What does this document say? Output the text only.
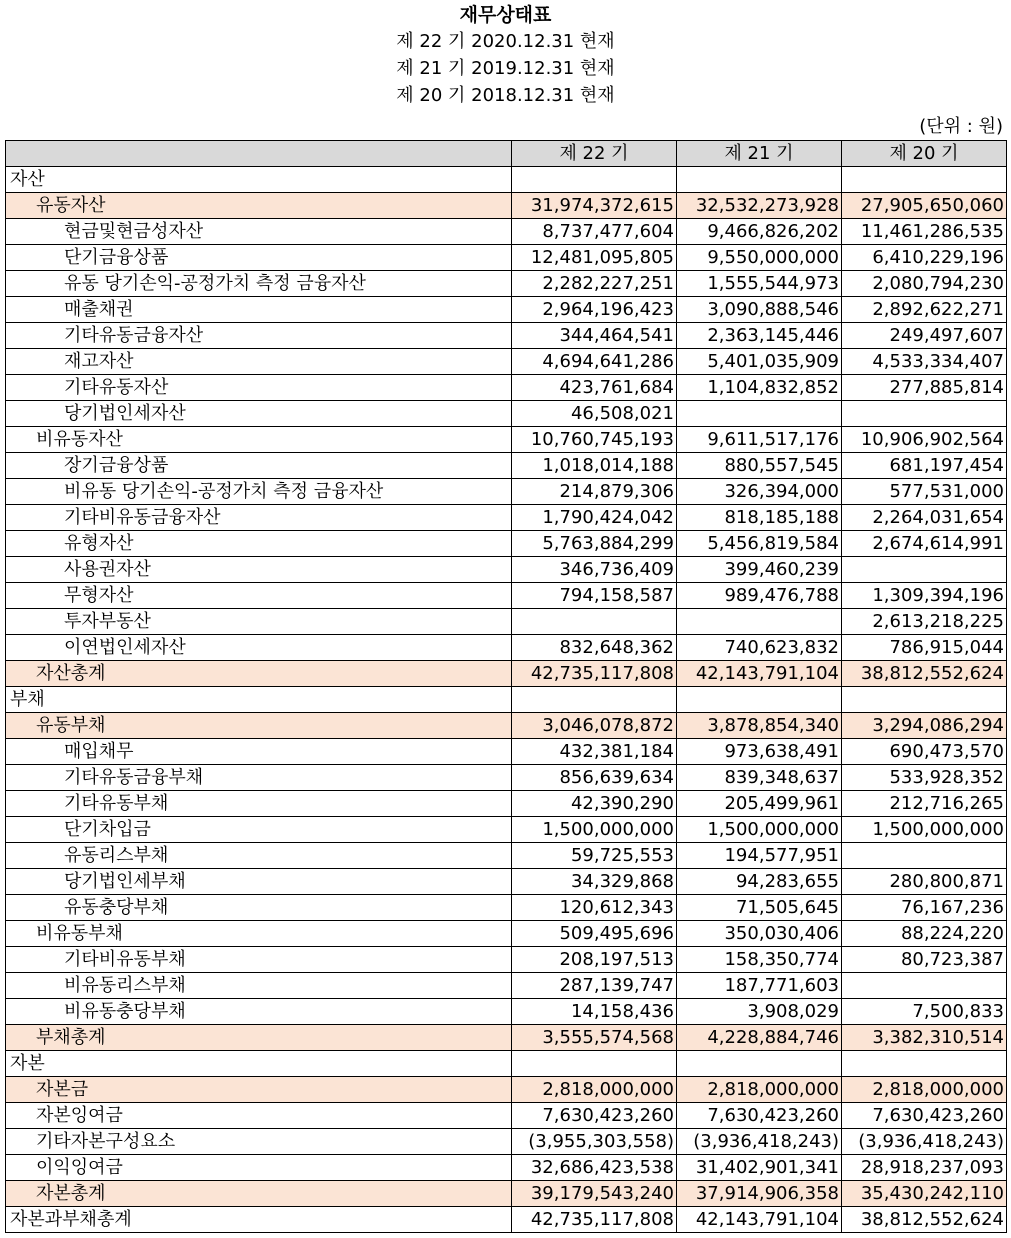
재무상태표
제 22 기 2020.12.31 현재
제 21 기 2019.12.31 현재
제 20 기 2018.12.31 현재
(단위 : 원)
	제 22 기	제 21 기	제 20 기
자산			
유동자산	31,974,372,615	32,532,273,928	27,905,650,060
현금및현금성자산	8,737,477,604	9,466,826,202	11,461,286,535
단기금융상품	12,481,095,805	9,550,000,000	6,410,229,196
유동 당기손익-공정가치 측정 금융자산	2,282,227,251	1,555,544,973	2,080,794,230
매출채권	2,964,196,423	3,090,888,546	2,892,622,271
기타유동금융자산	344,464,541	2,363,145,446	249,497,607
재고자산	4,694,641,286	5,401,035,909	4,533,334,407
기타유동자산	423,761,684	1,104,832,852	277,885,814
당기법인세자산	46,508,021		
비유동자산	10,760,745,193	9,611,517,176	10,906,902,564
장기금융상품	1,018,014,188	880,557,545	681,197,454
비유동 당기손익-공정가치 측정 금융자산	214,879,306	326,394,000	577,531,000
기타비유동금융자산	1,790,424,042	818,185,188	2,264,031,654
유형자산	5,763,884,299	5,456,819,584	2,674,614,991
사용권자산	346,736,409	399,460,239	
무형자산	794,158,587	989,476,788	1,309,394,196
투자부동산			2,613,218,225
이연법인세자산	832,648,362	740,623,832	786,915,044
자산총계	42,735,117,808	42,143,791,104	38,812,552,624
부채			
유동부채	3,046,078,872	3,878,854,340	3,294,086,294
매입채무	432,381,184	973,638,491	690,473,570
기타유동금융부채	856,639,634	839,348,637	533,928,352
기타유동부채	42,390,290	205,499,961	212,716,265
단기차입금	1,500,000,000	1,500,000,000	1,500,000,000
유동리스부채	59,725,553	194,577,951	
당기법인세부채	34,329,868	94,283,655	280,800,871
유동충당부채	120,612,343	71,505,645	76,167,236
비유동부채	509,495,696	350,030,406	88,224,220
기타비유동부채	208,197,513	158,350,774	80,723,387
비유동리스부채	287,139,747	187,771,603	
비유동충당부채	14,158,436	3,908,029	7,500,833
부채총계	3,555,574,568	4,228,884,746	3,382,310,514
자본			
자본금	2,818,000,000	2,818,000,000	2,818,000,000
자본잉여금	7,630,423,260	7,630,423,260	7,630,423,260
기타자본구성요소	(3,955,303,558)	(3,936,418,243)	(3,936,418,243)
이익잉여금	32,686,423,538	31,402,901,341	28,918,237,093
자본총계	39,179,543,240	37,914,906,358	35,430,242,110
자본과부채총계	42,735,117,808	42,143,791,104	38,812,552,624
